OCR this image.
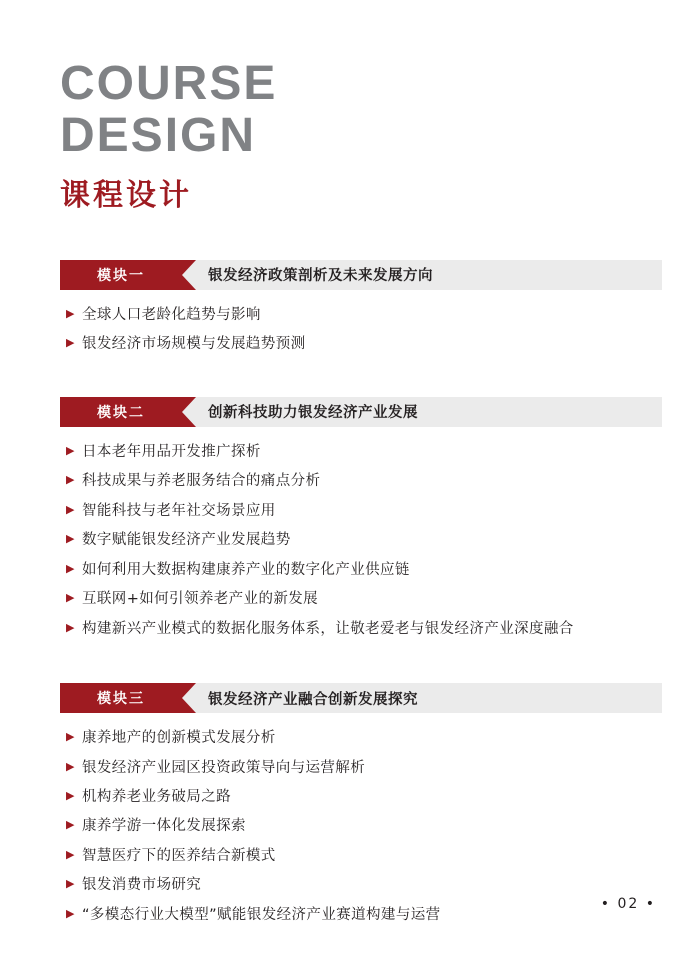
COURSE
DESIGN
课程设计
模块一	银发经济政策剖析及未来发展方向
▶ 全球人口老龄化趋势与影响
▶ 银发经济市场规模与发展趋势预测
模块二	创新科技助力银发经济产业发展
▶ 日本老年用品开发推广探析
▶ 科技成果与养老服务结合的痛点分析
▶ 智能科技与老年社交场景应用
▶ 数字赋能银发经济产业发展趋势
▶ 如何利用大数据构建康养产业的数字化产业供应链
▶ 互联网+如何引领养老产业的新发展
▶ 构建新兴产业模式的数据化服务体系，让敬老爱老与银发经济产业深度融合
模块三	银发经济产业融合创新发展探究
▶ 康养地产的创新模式发展分析
▶ 银发经济产业园区投资政策导向与运营解析
▶ 机构养老业务破局之路
▶ 康养学游一体化发展探索
▶ 智慧医疗下的医养结合新模式
▶ 银发消费市场研究
▶ “多模态行业大模型”赋能银发经济产业赛道构建与运营
• 02 •
